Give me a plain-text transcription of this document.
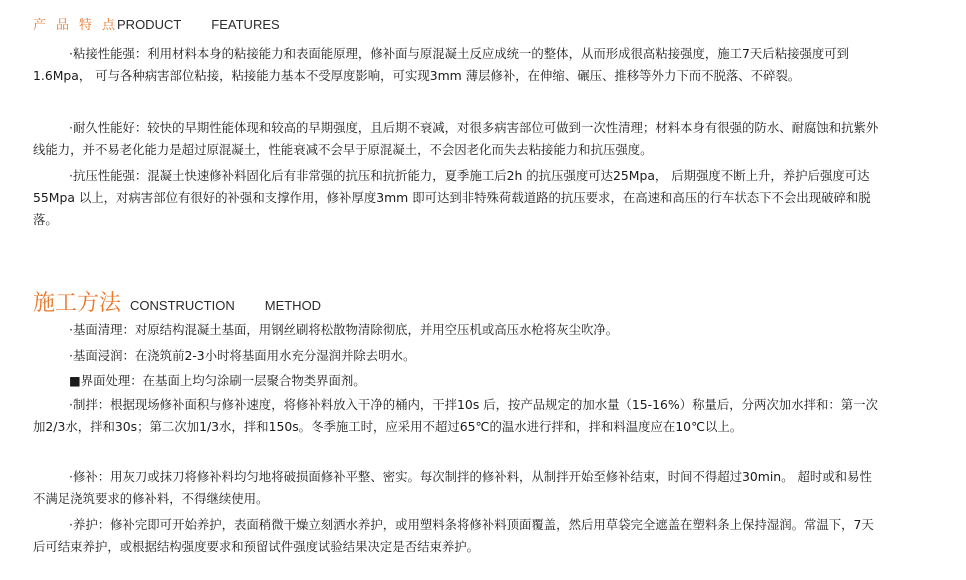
产品特点
PRODUCT FEATURES

·粘接性能强：利用材料本身的粘接能力和表面能原理，修补面与原混凝土反应成统一的整体，从而形成很高粘接强度，施工7天后粘接强度可到1.6Mpa， 可与各种病害部位粘接，粘接能力基本不受厚度影响，可实现3mm 薄层修补，在伸缩、碾压、推移等外力下而不脱落、不碎裂。

·耐久性能好：较快的早期性能体现和较高的早期强度，且后期不衰减，对很多病害部位可做到一次性清理；材料本身有很强的防水、耐腐蚀和抗紫外线能力，并不易老化能力是超过原混凝土，性能衰减不会早于原混凝土，不会因老化而失去粘接能力和抗压强度。

·抗压性能强：混凝土快速修补料固化后有非常强的抗压和抗折能力，夏季施工后2h 的抗压强度可达25Mpa， 后期强度不断上升，养护后强度可达55Mpa 以上，对病害部位有很好的补强和支撑作用，修补厚度3mm 即可达到非特殊荷载道路的抗压要求，在高速和高压的行车状态下不会出现破碎和脱落。

施工方法 CONSTRUCTION METHOD

·基面清理：对原结构混凝土基面，用钢丝刷将松散物清除彻底，并用空压机或高压水枪将灰尘吹净。

·基面浸润：在浇筑前2-3小时将基面用水充分湿润并除去明水。

■界面处理：在基面上均匀涂刷一层聚合物类界面剂。

·制拌：根据现场修补面积与修补速度，将修补料放入干净的桶内，干拌10s 后，按产品规定的加水量（15-16%）称量后，分两次加水拌和：第一次加2/3水，拌和30s；第二次加1/3水，拌和150s。冬季施工时，应采用不超过65℃的温水进行拌和，拌和料温度应在10℃以上。

·修补：用灰刀或抹刀将修补料均匀地将破损面修补平整、密实。每次制拌的修补料，从制拌开始至修补结束，时间不得超过30min。 超时或和易性不满足浇筑要求的修补料，不得继续使用。

·养护：修补完即可开始养护，表面稍微干燥立刻洒水养护，或用塑料条将修补料顶面覆盖，然后用草袋完全遮盖在塑料条上保持湿润。常温下，7天后可结束养护，或根据结构强度要求和预留试件强度试验结果决定是否结束养护。
